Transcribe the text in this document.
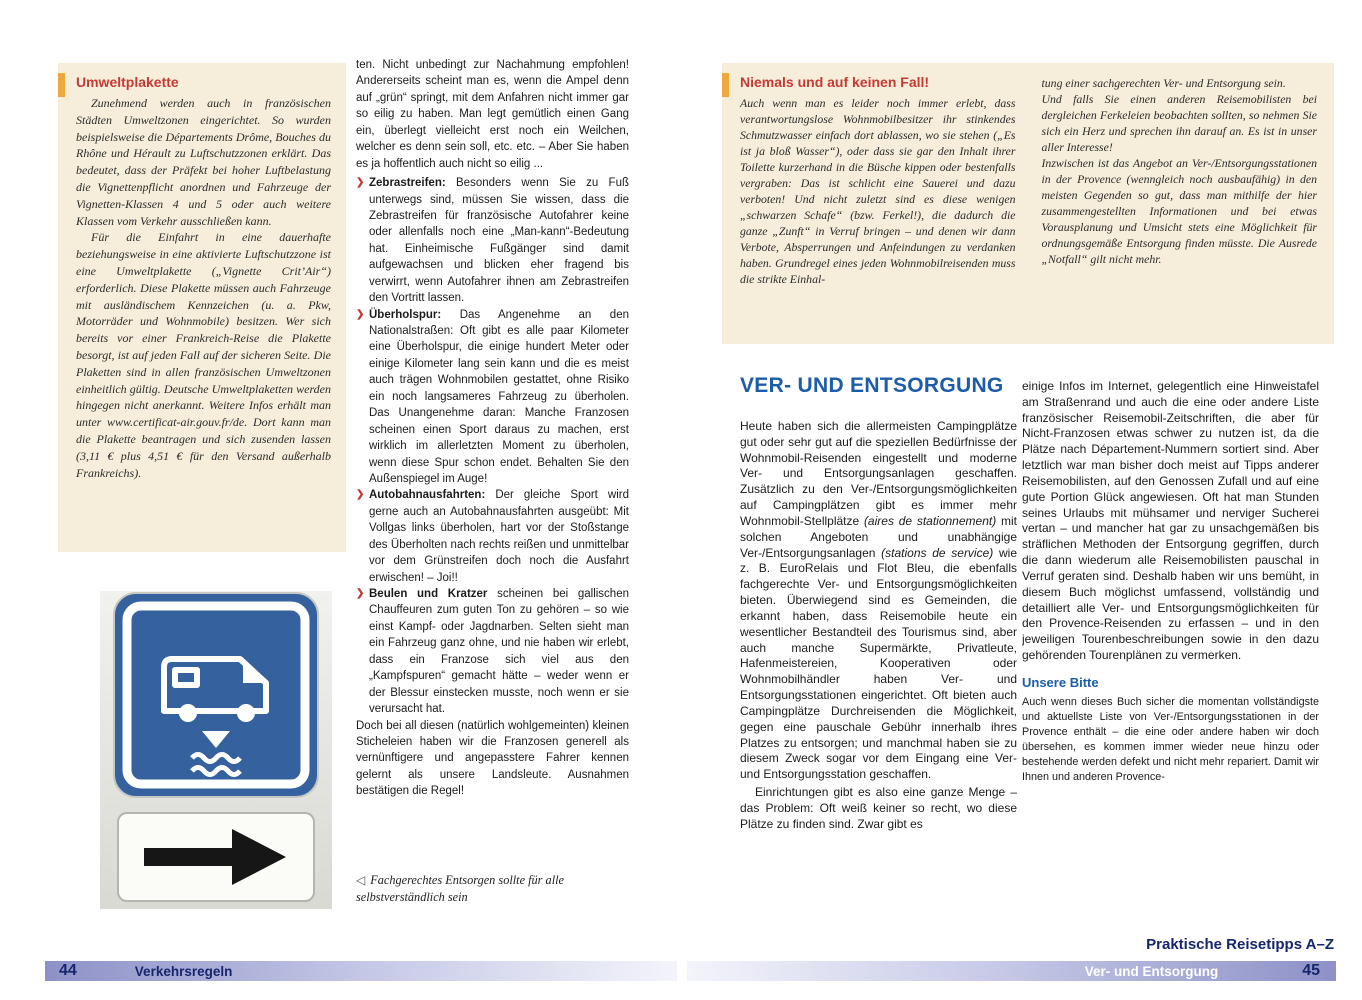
Umweltplakette

Zunehmend werden auch in französischen Städten Umweltzonen eingerichtet. So wurden beispielsweise die Départements Drôme, Bouches du Rhône und Hérault zu Luftschutzzonen erklärt. Das bedeutet, dass der Präfekt bei hoher Luftbelastung die Vignettenpflicht anordnen und Fahrzeuge der Vignetten-Klassen 4 und 5 oder auch weitere Klassen vom Verkehr ausschließen kann.

Für die Einfahrt in eine dauerhafte beziehungsweise in eine aktivierte Luftschutzzone ist eine Umweltplakette („Vignette Crit’Air“) erforderlich. Diese Plakette müssen auch Fahrzeuge mit ausländischem Kennzeichen (u. a. Pkw, Motorräder und Wohnmobile) besitzen. Wer sich bereits vor einer Frankreich-Reise die Plakette besorgt, ist auf jeden Fall auf der sicheren Seite. Die Plaketten sind in allen französischen Umweltzonen einheitlich gültig. Deutsche Umweltplaketten werden hingegen nicht anerkannt. Weitere Infos erhält man unter www.certificat-air.gouv.fr/de. Dort kann man die Plakette beantragen und sich zusenden lassen (3,11 € plus 4,51 € für den Versand außerhalb Frankreichs).

ten. Nicht unbedingt zur Nachahmung empfohlen! Andererseits scheint man es, wenn die Ampel denn auf „grün“ springt, mit dem Anfahren nicht immer gar so eilig zu haben. Man legt gemütlich einen Gang ein, überlegt vielleicht erst noch ein Weilchen, welcher es denn sein soll, etc. etc. – Aber Sie haben es ja hoffentlich auch nicht so eilig ...

❯ Zebrastreifen: Besonders wenn Sie zu Fuß unterwegs sind, müssen Sie wissen, dass die Zebrastreifen für französische Autofahrer keine oder allenfalls noch eine „Man-kann“-Bedeutung hat. Einheimische Fußgänger sind damit aufgewachsen und blicken eher fragend bis verwirrt, wenn Autofahrer ihnen am Zebrastreifen den Vortritt lassen.

❯ Überholspur: Das Angenehme an den Nationalstraßen: Oft gibt es alle paar Kilometer eine Überholspur, die einige hundert Meter oder einige Kilometer lang sein kann und die es meist auch trägen Wohnmobilen gestattet, ohne Risiko ein noch langsameres Fahrzeug zu überholen. Das Unangenehme daran: Manche Franzosen scheinen einen Sport daraus zu machen, erst wirklich im allerletzten Moment zu überholen, wenn diese Spur schon endet. Behalten Sie den Außenspiegel im Auge!

❯ Autobahnausfahrten: Der gleiche Sport wird gerne auch an Autobahnausfahrten ausgeübt: Mit Vollgas links überholen, hart vor der Stoßstange des Überholten nach rechts reißen und unmittelbar vor dem Grünstreifen doch noch die Ausfahrt erwischen! – Joi!!

❯ Beulen und Kratzer scheinen bei gallischen Chauffeuren zum guten Ton zu gehören – so wie einst Kampf- oder Jagdnarben. Selten sieht man ein Fahrzeug ganz ohne, und nie haben wir erlebt, dass ein Franzose sich viel aus den „Kampfspuren“ gemacht hätte – weder wenn er der Blessur einstecken musste, noch wenn er sie verursacht hat.

Doch bei all diesen (natürlich wohlgemeinten) kleinen Sticheleien haben wir die Franzosen generell als vernünftigere und angepasstere Fahrer kennen gelernt als unsere Landsleute. Ausnahmen bestätigen die Regel!

◁ Fachgerechtes Entsorgen sollte für alle selbstverständlich sein

Niemals und auf keinen Fall!

Auch wenn man es leider noch immer erlebt, dass verantwortungslose Wohnmobilbesitzer ihr stinkendes Schmutzwasser einfach dort ablassen, wo sie stehen („Es ist ja bloß Wasser“), oder dass sie gar den Inhalt ihrer Toilette kurzerhand in die Büsche kippen oder bestenfalls vergraben: Das ist schlicht eine Sauerei und dazu verboten! Und nicht zuletzt sind es diese wenigen „schwarzen Schafe“ (bzw. Ferkel!), die dadurch die ganze „Zunft“ in Verruf bringen – und denen wir dann Verbote, Absperrungen und Anfeindungen zu verdanken haben. Grundregel eines jeden Wohnmobilreisenden muss die strikte Einhal-

tung einer sachgerechten Ver- und Entsorgung sein.

Und falls Sie einen anderen Reisemobilisten bei dergleichen Ferkeleien beobachten sollten, so nehmen Sie sich ein Herz und sprechen ihn darauf an. Es ist in unser aller Interesse!

Inzwischen ist das Angebot an Ver-/Entsorgungsstationen in der Provence (wenngleich noch ausbaufähig) in den meisten Gegenden so gut, dass man mithilfe der hier zusammengestellten Informationen und bei etwas Vorausplanung und Umsicht stets eine Möglichkeit für ordnungsgemäße Entsorgung finden müsste. Die Ausrede „Notfall“ gilt nicht mehr.

VER- UND ENTSORGUNG

Heute haben sich die allermeisten Campingplätze gut oder sehr gut auf die speziellen Bedürfnisse der Wohnmobil-Reisenden eingestellt und moderne Ver- und Entsorgungsanlagen geschaffen. Zusätzlich zu den Ver-/Entsorgungsmöglichkeiten auf Campingplätzen gibt es immer mehr Wohnmobil-Stellplätze (aires de stationnement) mit solchen Angeboten und unabhängige Ver-/Entsorgungsanlagen (stations de service) wie z. B. EuroRelais und Flot Bleu, die ebenfalls fachgerechte Ver- und Entsorgungsmöglichkeiten bieten. Überwiegend sind es Gemeinden, die erkannt haben, dass Reisemobile heute ein wesentlicher Bestandteil des Tourismus sind, aber auch manche Supermärkte, Privatleute, Hafenmeistereien, Kooperativen oder Wohnmobilhändler haben Ver- und Entsorgungsstationen eingerichtet. Oft bieten auch Campingplätze Durchreisenden die Möglichkeit, gegen eine pauschale Gebühr innerhalb ihres Platzes zu entsorgen; und manchmal haben sie zu diesem Zweck sogar vor dem Eingang eine Ver- und Entsorgungsstation geschaffen.

Einrichtungen gibt es also eine ganze Menge – das Problem: Oft weiß keiner so recht, wo diese Plätze zu finden sind. Zwar gibt es

einige Infos im Internet, gelegentlich eine Hinweistafel am Straßenrand und auch die eine oder andere Liste französischer Reisemobil-Zeitschriften, die aber für Nicht-Franzosen etwas schwer zu nutzen ist, da die Plätze nach Département-Nummern sortiert sind. Aber letztlich war man bisher doch meist auf Tipps anderer Reisemobilisten, auf den Genossen Zufall und auf eine gute Portion Glück angewiesen. Oft hat man Stunden seines Urlaubs mit mühsamer und nerviger Sucherei vertan – und mancher hat gar zu unsachgemäßen bis sträflichen Methoden der Entsorgung gegriffen, durch die dann wiederum alle Reisemobilisten pauschal in Verruf geraten sind. Deshalb haben wir uns bemüht, in diesem Buch möglichst umfassend, vollständig und detailliert alle Ver- und Entsorgungsmöglichkeiten für den Provence-Reisenden zu erfassen – und in den jeweiligen Tourenbeschreibungen sowie in den dazu gehörenden Tourenplänen zu vermerken.

Unsere Bitte

Auch wenn dieses Buch sicher die momentan vollständigste und aktuellste Liste von Ver-/Entsorgungsstationen in der Provence enthält – die eine oder andere haben wir doch übersehen, es kommen immer wieder neue hinzu oder bestehende werden defekt und nicht mehr repariert. Damit wir Ihnen und anderen Provence-

Praktische Reisetipps A–Z

44	Verkehrsregeln	Ver- und Entsorgung	45
